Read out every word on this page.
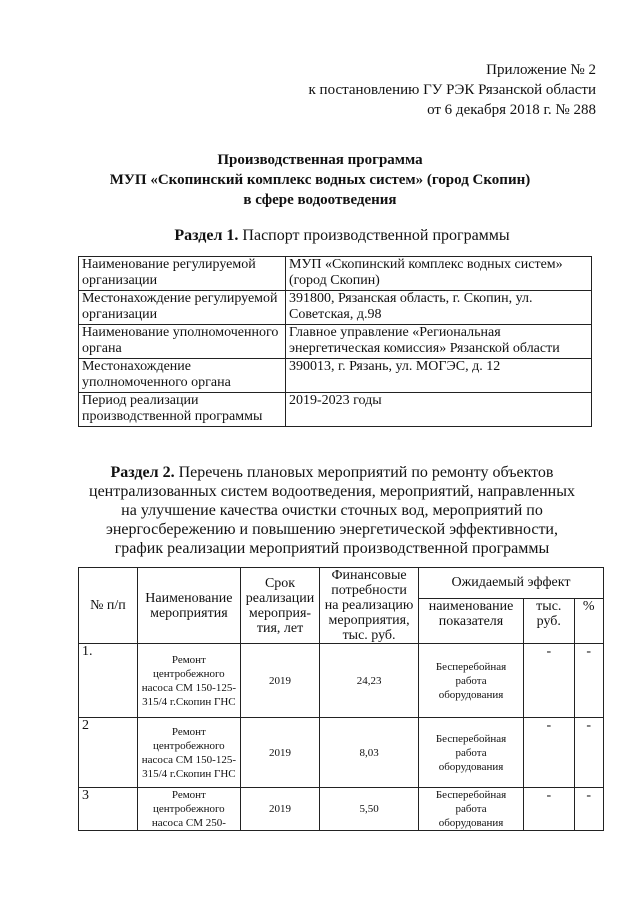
Приложение № 2
к постановлению ГУ РЭК Рязанской области
от 6 декабря 2018 г. № 288
Производственная программа
МУП «Скопинский комплекс водных систем» (город Скопин)
в сфере водоотведения
Раздел 1. Паспорт производственной программы
Наименование регулируемой организации	МУП «Скопинский комплекс водных систем» (город Скопин)
Местонахождение регулируемой организации	391800, Рязанская область, г. Скопин, ул. Советская, д.98
Наименование уполномоченного органа	Главное управление «Региональная энергетическая комиссия» Рязанской области
Местонахождение уполномоченного органа	390013, г. Рязань, ул. МОГЭС, д. 12
Период реализации производственной программы	2019-2023 годы
Раздел 2. Перечень плановых мероприятий по ремонту объектов централизованных систем водоотведения, мероприятий, направленных на улучшение качества очистки сточных вод, мероприятий по энергосбережению и повышению энергетической эффективности, график реализации мероприятий производственной программы
№ п/п	Наименование мероприятия	Срок реализации мероприя-тия, лет	Финансовые потребности на реализацию мероприятия, тыс. руб.	Ожидаемый эффект		
				наименование показателя	тыс. руб.	%
1.	Ремонт центробежного насоса СМ 150-125-315/4 г.Скопин ГНС	2019	24,23	Бесперебойная работа оборудования	-	-
2	Ремонт центробежного насоса СМ 150-125-315/4 г.Скопин ГНС	2019	8,03	Бесперебойная работа оборудования	-	-
3	Ремонт центробежного насоса СМ 250-	2019	5,50	Бесперебойная работа оборудования	-	-
